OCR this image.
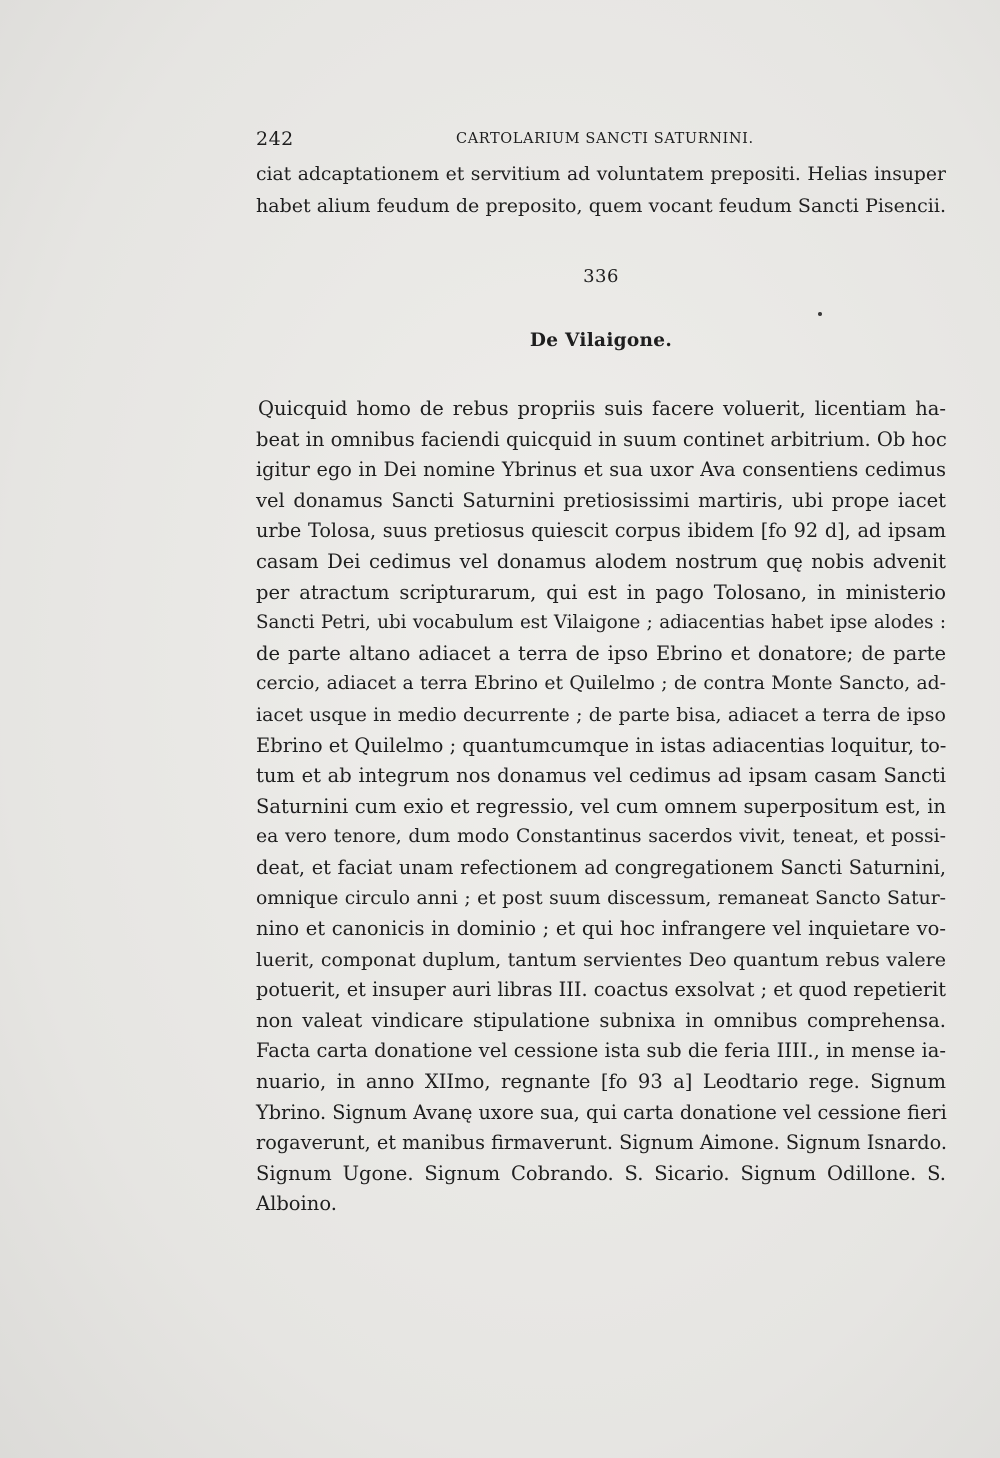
242	CARTOLARIUM SANCTI SATURNINI.
ciat adcaptationem et servitium ad voluntatem prepositi. Helias insuper
habet alium feudum de preposito, quem vocant feudum Sancti Pisencii.
336
De Vilaigone.
Quicquid homo de rebus propriis suis facere voluerit, licentiam ha-
beat in omnibus faciendi quicquid in suum continet arbitrium. Ob hoc
igitur ego in Dei nomine Ybrinus et sua uxor Ava consentiens cedimus
vel donamus Sancti Saturnini pretiosissimi martiris, ubi prope iacet
urbe Tolosa, suus pretiosus quiescit corpus ibidem [fo 92 d], ad ipsam
casam Dei cedimus vel donamus alodem nostrum quę nobis advenit
per atractum scripturarum, qui est in pago Tolosano, in ministerio
Sancti Petri, ubi vocabulum est Vilaigone ; adiacentias habet ipse alodes :
de parte altano adiacet a terra de ipso Ebrino et donatore; de parte
cercio, adiacet a terra Ebrino et Quilelmo ; de contra Monte Sancto, ad-
iacet usque in medio decurrente ; de parte bisa, adiacet a terra de ipso
Ebrino et Quilelmo ; quantumcumque in istas adiacentias loquitur, to-
tum et ab integrum nos donamus vel cedimus ad ipsam casam Sancti
Saturnini cum exio et regressio, vel cum omnem superpositum est, in
ea vero tenore, dum modo Constantinus sacerdos vivit, teneat, et possi-
deat, et faciat unam refectionem ad congregationem Sancti Saturnini,
omnique circulo anni ; et post suum discessum, remaneat Sancto Satur-
nino et canonicis in dominio ; et qui hoc infrangere vel inquietare vo-
luerit, componat duplum, tantum servientes Deo quantum rebus valere
potuerit, et insuper auri libras III. coactus exsolvat ; et quod repetierit
non valeat vindicare stipulatione subnixa in omnibus comprehensa.
Facta carta donatione vel cessione ista sub die feria IIII., in mense ia-
nuario, in anno XIImo, regnante [fo 93 a] Leodtario rege. Signum
Ybrino. Signum Avanę uxore sua, qui carta donatione vel cessione fieri
rogaverunt, et manibus firmaverunt. Signum Aimone. Signum Isnardo.
Signum Ugone. Signum Cobrando. S. Sicario. Signum Odillone. S.
Alboino.
